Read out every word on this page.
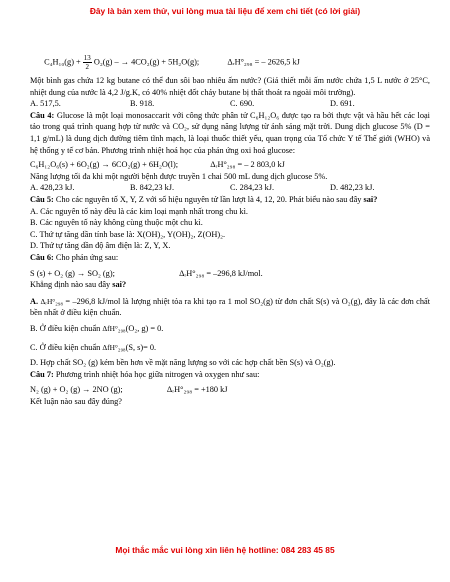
Đây là bản xem thử, vui lòng mua tài liệu để xem chi tiết (có lời giải)

$C_4H_{10}(g) + \frac{13}{2} O_2(g)$ – → 4CO₂(g) + 5H₂O(g);	ΔᵣH°₂₉₈ = – 2626,5 kJ

Một bình gas chứa 12 kg butane có thể đun sôi bao nhiêu ấm nước? (Giả thiết mỗi ấm nước chứa 1,5 L nước ở 25°C, nhiệt dung của nước là 4,2 J/g.K, có 40% nhiệt đốt cháy butane bị thất thoát ra ngoài môi trường).

A. 517,5.	B. 918.	C. 690.	D. 691.

Câu 4: Glucose là một loại monosaccarit với công thức phân tử C₆H₁₂O₆ được tạo ra bởi thực vật và hầu hết các loại tảo trong quá trình quang hợp từ nước và CO₂, sử dụng năng lượng từ ánh sáng mặt trời. Dung dịch glucose 5% (D = 1,1 g/mL) là dung dịch đường tiêm tĩnh mạch, là loại thuốc thiết yếu, quan trọng của Tổ chức Y tế Thế giới (WHO) và hệ thống y tế cơ bản. Phương trình nhiệt hoá học của phản ứng oxi hoá glucose:

C₆H₁₂O₆(s) + 6O₂(g) → 6CO₂(g) + 6H₂O(l);	ΔᵣH°₂₉₈ = – 2 803,0 kJ

Năng lượng tối đa khi một người bệnh được truyền 1 chai 500 mL dung dịch glucose 5%.

A. 428,23 kJ.	B. 842,23 kJ.	C. 284,23 kJ.	D. 482,23 kJ.

Câu 5: Cho các nguyên tố X, Y, Z với số hiệu nguyên tử lần lượt là 4, 12, 20. Phát biểu nào sau đây sai?

A. Các nguyên tố này đều là các kim loại mạnh nhất trong chu kì.

B. Các nguyên tố này không cùng thuộc một chu kì.

C. Thứ tự tăng dần tính base là: X(OH)₂, Y(OH)₂, Z(OH)₂.

D. Thứ tự tăng dần độ âm điện là: Z, Y, X.

Câu 6: Cho phản ứng sau:

S (s) + O₂ (g) → SO₂ (g);	ΔᵣH°₂₉₈ = –296,8 kJ/mol.

Khẳng định nào sau đây sai?

A. ΔᵣH°₂₉₈ = –296,8 kJ/mol là lượng nhiệt tỏa ra khi tạo ra 1 mol SO₂(g) từ đơn chất S(s) và O₂(g), đây là các đơn chất bền nhất ở điều kiện chuẩn.

B. Ở điều kiện chuẩn ΔfH°₂₉₈(O₂, g) = 0.

C. Ở điều kiện chuẩn ΔfH°₂₉₈(S, s)= 0.

D. Hợp chất SO₂ (g) kém bền hơn về mặt năng lượng so với các hợp chất bền S(s) và O₂(g).

Câu 7: Phương trình nhiệt hóa học giữa nitrogen và oxygen như sau:

N₂ (g) + O₂ (g) → 2NO (g);	ΔᵣH°₂₉₈ = +180 kJ

Kết luận nào sau đây đúng?

Mọi thắc mắc vui lòng xin liên hệ hotline: 084 283 45 85
